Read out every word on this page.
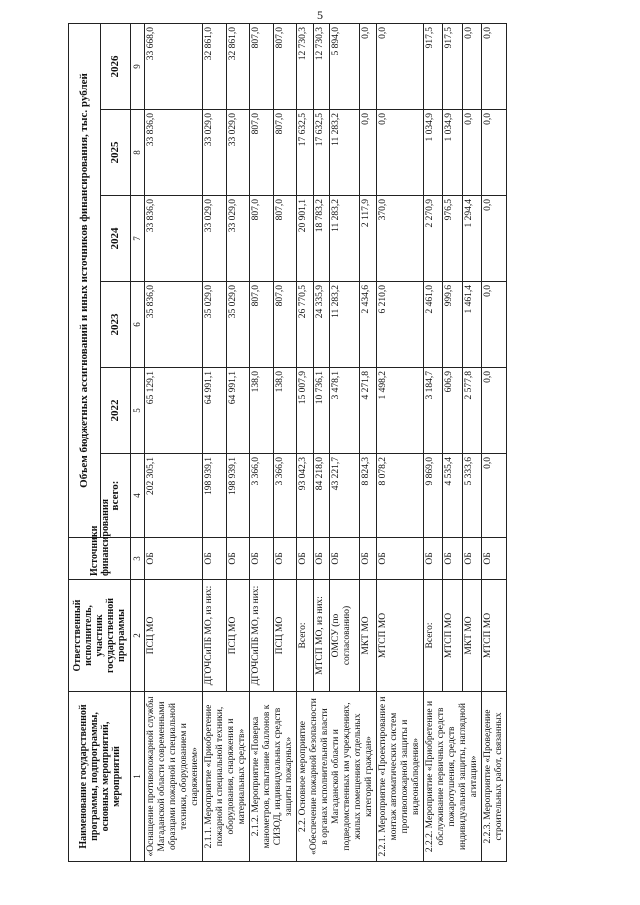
5
Наименование государственной программы, подпрограммы, основных мероприятий, мероприятий	Ответственный исполнитель, участник государственной программы	Источники финансирования	Объем бюджетных ассигнований и иных источников финансирования, тыс. рублей					
			всего:	2022	2023	2024	2025	2026
1	2	3	4	5	6	7	8	9
«Оснащение противопожарной службы Магаданской области современными образцами пожарной и специальной техники, оборудованием и снаряжением»	ПСЦ МО	ОБ	202 305,1	65 129,1	35 836,0	33 836,0	33 836,0	33 668,0
2.1.1. Мероприятие «Приобретение пожарной и специальной техники, оборудования, снаряжения и материальных средств»	ДГОЧСиПБ МО, из них:	ОБ	198 939,1	64 991,1	35 029,0	33 029,0	33 029,0	32 861,0
	ПСЦ МО	ОБ	198 939,1	64 991,1	35 029,0	33 029,0	33 029,0	32 861,0
2.1.2. Мероприятие «Поверка манометров, испытание баллонов к СИЗОД, индивидуальных средств защиты пожарных»	ДГОЧСиПБ МО, из них:	ОБ	3 366,0	138,0	807,0	807,0	807,0	807,0
	ПСЦ МО	ОБ	3 366,0	138,0	807,0	807,0	807,0	807,0
2.2. Основное мероприятие «Обеспечение пожарной безопасности в органах исполнительной власти Магаданской области и подведомственных им учреждениях, жилых помещениях отдельных категорий граждан»	Всего:	ОБ	93 042,3	15 007,9	26 770,5	20 901,1	17 632,5	12 730,3
	МТСП МО, из них:	ОБ	84 218,0	10 736,1	24 335,9	18 783,2	17 632,5	12 730,3
	ОМСУ (по согласованию)	ОБ	43 221,7	3 478,1	11 283,2	11 283,2	11 283,2	5 894,0
	МКТ МО	ОБ	8 824,3	4 271,8	2 434,6	2 117,9	0,0	0,0
2.2.1. Мероприятие «Проектирование и монтаж автоматических систем противопожарной защиты и видеонаблюдения»	МТСП МО	ОБ	8 078,2	1 498,2	6 210,0	370,0	0,0	0,0
2.2.2. Мероприятие «Приобретение и обслуживание первичных средств пожаротушения, средств индивидуальной защиты, наглядной агитации»	Всего:	ОБ	9 869,0	3 184,7	2 461,0	2 270,9	1 034,9	917,5
	МТСП МО	ОБ	4 535,4	606,9	999,6	976,5	1 034,9	917,5
	МКТ МО	ОБ	5 333,6	2 577,8	1 461,4	1 294,4	0,0	0,0
2.2.3. Мероприятие «Проведение строительных работ, связанных	МТСП МО	ОБ	0,0	0,0	0,0	0,0	0,0	0,0
